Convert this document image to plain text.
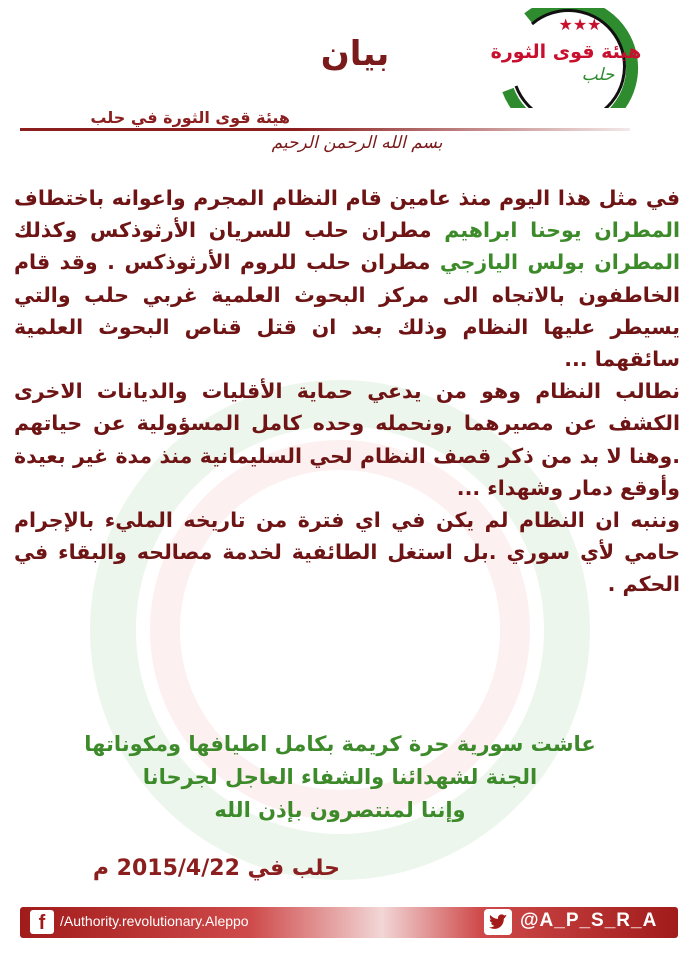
★★★
هيئة قوى الثورة
حلب
بيان
هيئة قوى الثورة في حلب
بسم الله الرحمن الرحيم
في مثل هذا اليوم منذ عامين قام النظام المجرم واعوانه باختطاف المطران يوحنا ابراهيم مطران حلب للسريان الأرثوذكس وكذلك المطران بولس اليازجي مطران حلب للروم الأرثوذكس . وقد قام الخاطفون بالاتجاه الى مركز البحوث العلمية غربي حلب والتي يسيطر عليها النظام وذلك بعد ان قتل قناص البحوث العلمية سائقهما ...
نطالب النظام وهو من يدعي حماية الأقليات والديانات الاخرى الكشف عن مصيرهما ,ونحمله وحده كامل المسؤولية عن حياتهم .وهنا لا بد من ذكر قصف النظام لحي السليمانية منذ مدة غير بعيدة وأوقع دمار وشهداء ...
وننبه ان النظام لم يكن في اي فترة من تاريخه المليء بالإجرام حامي لأي سوري .بل استغل الطائفية لخدمة مصالحه والبقاء في الحكم .
عاشت سورية حرة كريمة بكامل اطيافها ومكوناتها
الجنة لشهدائنا والشفاء العاجل لجرحانا
وإننا لمنتصرون بإذن الله
حلب في 2015/4/22 م
f	/Authority.revolutionary.Aleppo	@A_P_S_R_A
